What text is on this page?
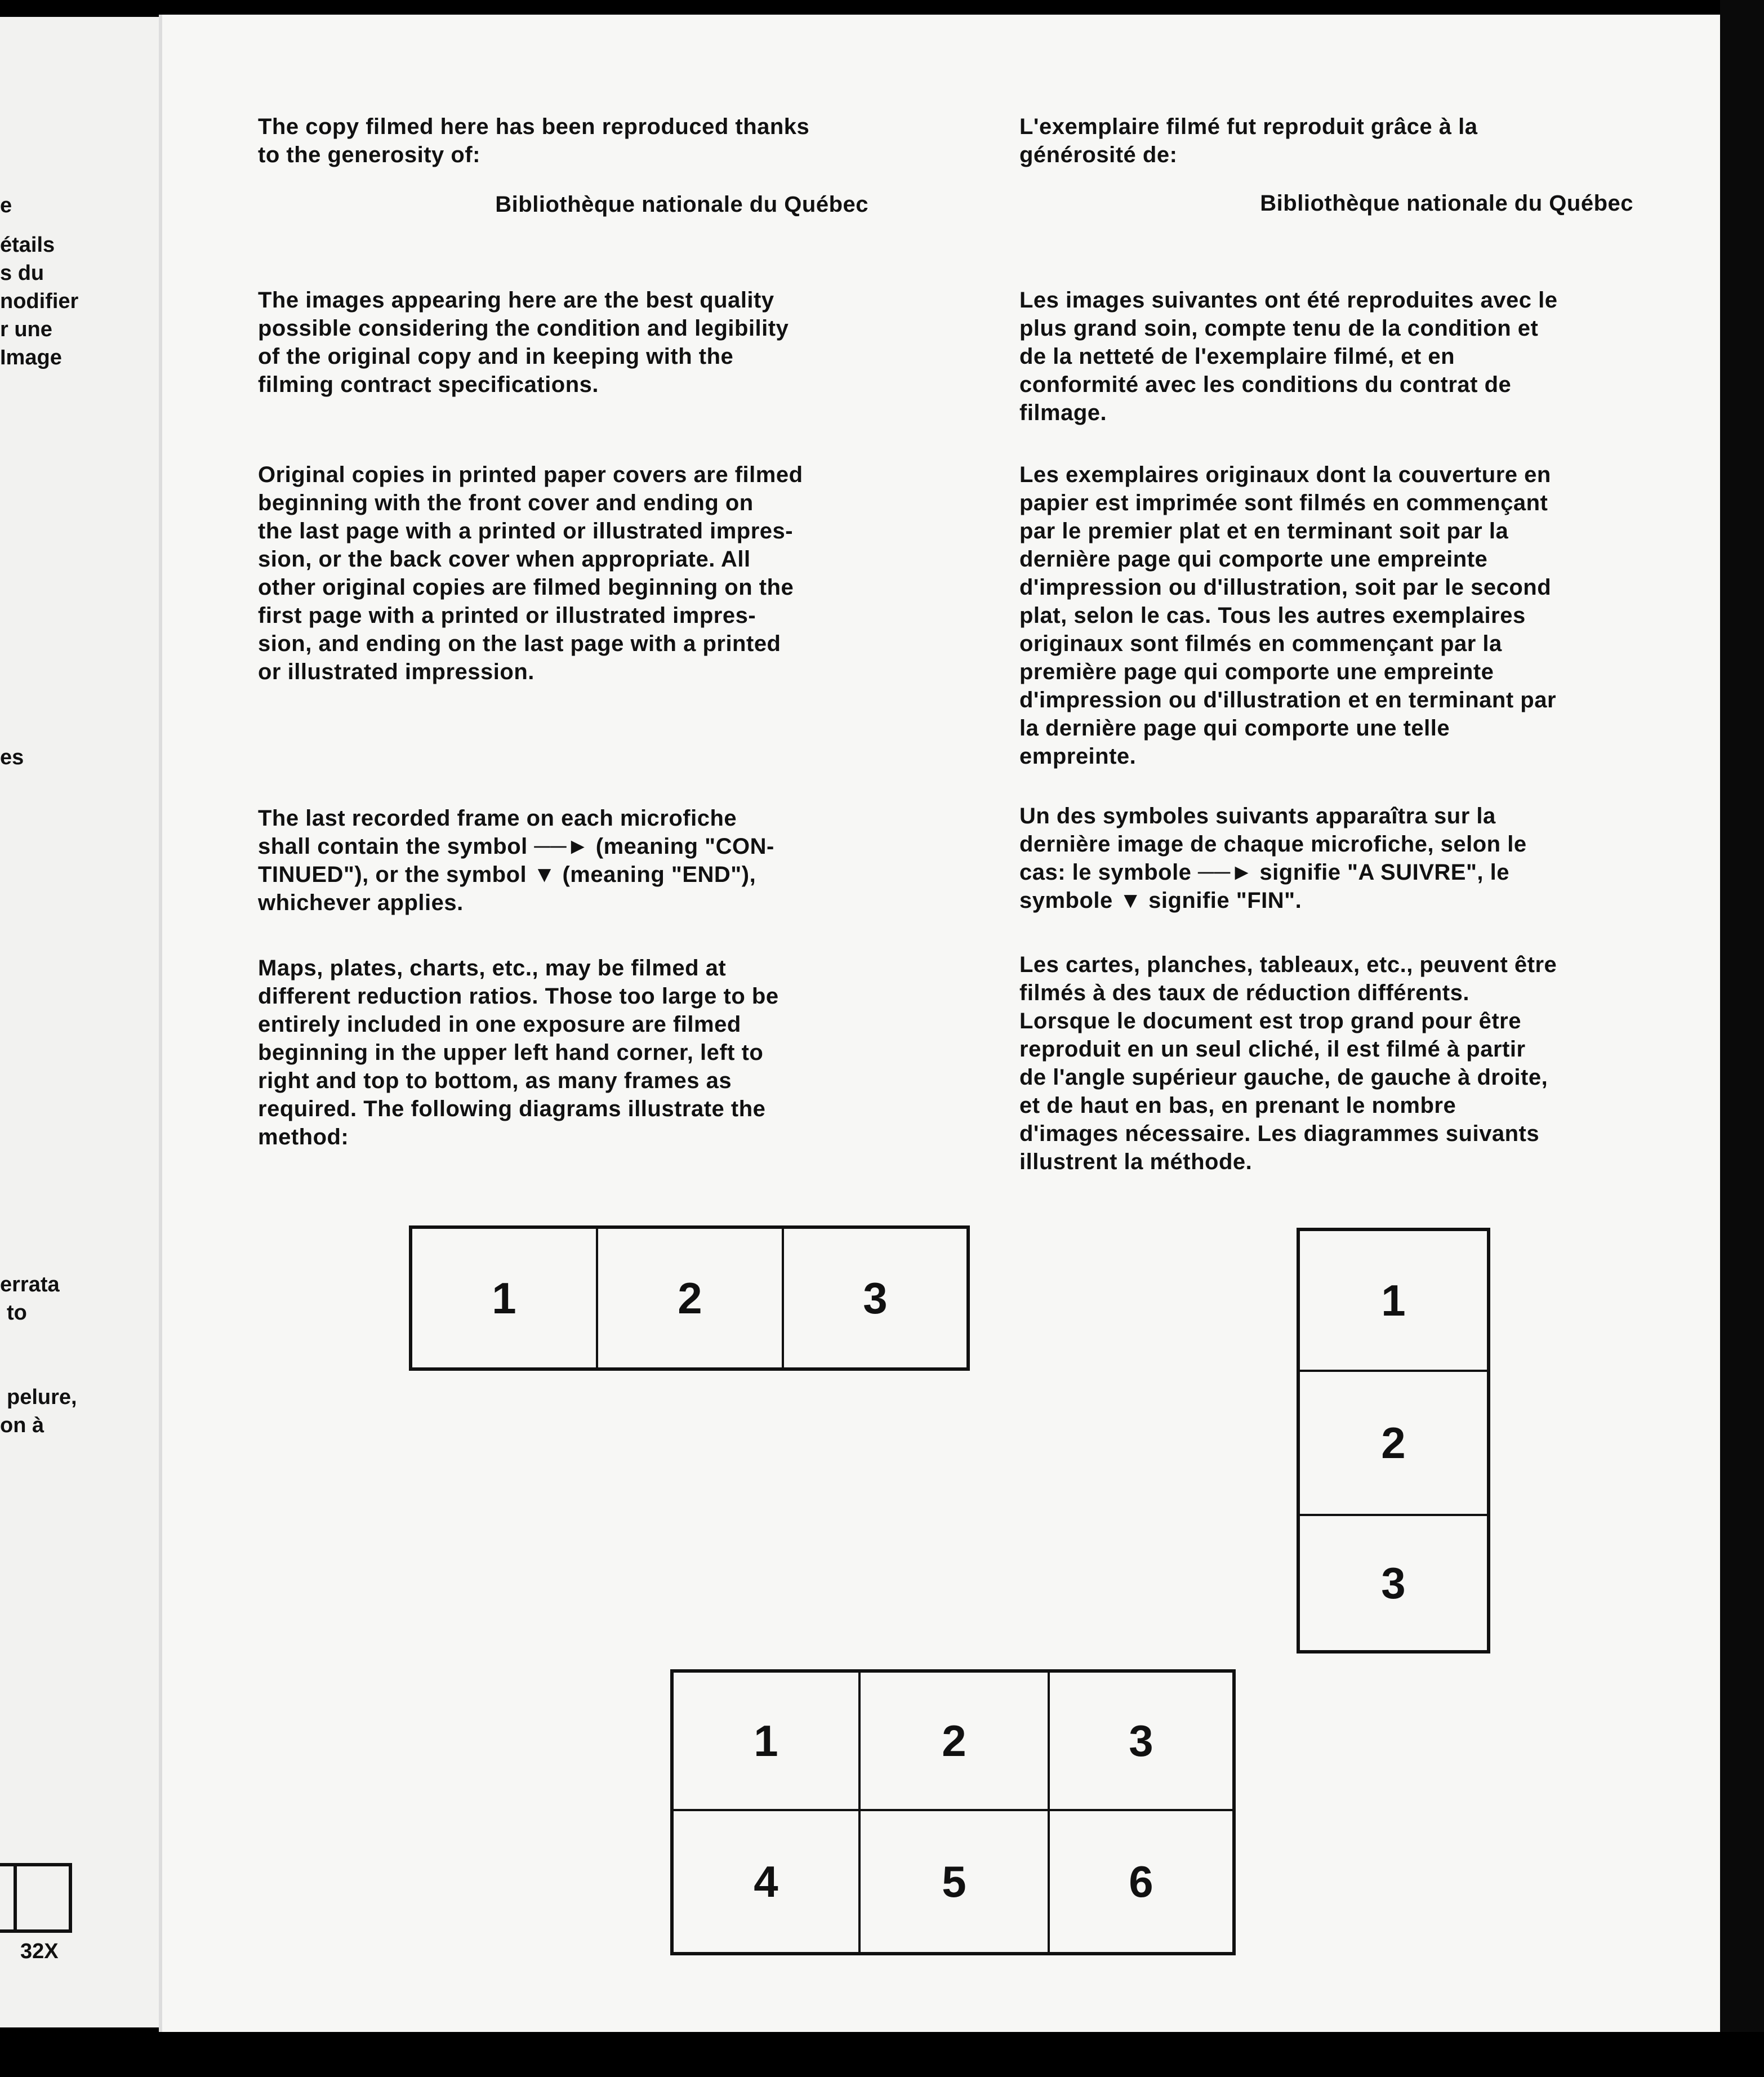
e
étails
s du
nodifier
r une
Image
es
errata
to
pelure,
on à
32X

The copy filmed here has been reproduced thanks
to the generosity of:

Bibliothèque nationale du Québec

The images appearing here are the best quality
possible considering the condition and legibility
of the original copy and in keeping with the
filming contract specifications.

Original copies in printed paper covers are filmed
beginning with the front cover and ending on
the last page with a printed or illustrated impres-
sion, or the back cover when appropriate. All
other original copies are filmed beginning on the
first page with a printed or illustrated impres-
sion, and ending on the last page with a printed
or illustrated impression.

The last recorded frame on each microfiche
shall contain the symbol ──► (meaning "CON-
TINUED"), or the symbol ▼ (meaning "END"),
whichever applies.

Maps, plates, charts, etc., may be filmed at
different reduction ratios. Those too large to be
entirely included in one exposure are filmed
beginning in the upper left hand corner, left to
right and top to bottom, as many frames as
required. The following diagrams illustrate the
method:

L'exemplaire filmé fut reproduit grâce à la
générosité de:

Bibliothèque nationale du Québec

Les images suivantes ont été reproduites avec le
plus grand soin, compte tenu de la condition et
de la netteté de l'exemplaire filmé, et en
conformité avec les conditions du contrat de
filmage.

Les exemplaires originaux dont la couverture en
papier est imprimée sont filmés en commençant
par le premier plat et en terminant soit par la
dernière page qui comporte une empreinte
d'impression ou d'illustration, soit par le second
plat, selon le cas. Tous les autres exemplaires
originaux sont filmés en commençant par la
première page qui comporte une empreinte
d'impression ou d'illustration et en terminant par
la dernière page qui comporte une telle
empreinte.

Un des symboles suivants apparaîtra sur la
dernière image de chaque microfiche, selon le
cas: le symbole ──► signifie "A SUIVRE", le
symbole ▼ signifie "FIN".

Les cartes, planches, tableaux, etc., peuvent être
filmés à des taux de réduction différents.
Lorsque le document est trop grand pour être
reproduit en un seul cliché, il est filmé à partir
de l'angle supérieur gauche, de gauche à droite,
et de haut en bas, en prenant le nombre
d'images nécessaire. Les diagrammes suivants
illustrent la méthode.

1	2	3	1
2
3
1	2	3
4	5	6
